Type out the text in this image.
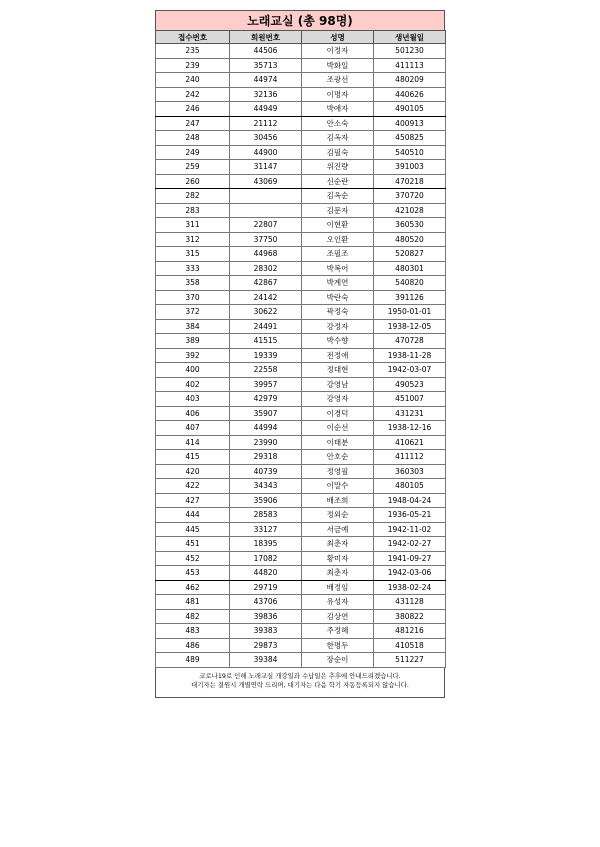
노래교실 (총 98명)
접수번호	회원번호	성명	생년월일
235	44506	이정자	501230
239	35713	박화일	411113
240	44974	조광선	480209
242	32136	이명자	440626
246	44949	박애자	490105
247	21112	안소숙	400913
248	30456	김옥자	450825
249	44900	김필숙	540510
259	31147	위진량	391003
260	43069	신순란	470218
282		김옥순	370720
283		김문자	421028
311	22807	이현환	360530
312	37750	오인환	480520
315	44968	조필조	520827
333	28302	박복어	480301
358	42867	박계연	540820
370	24142	박란숙	391126
372	30622	곽정숙	1950-01-01
384	24491	강정자	1938-12-05
389	41515	박수향	470728
392	19339	전정애	1938-11-28
400	22558	정대현	1942-03-07
402	39957	강영남	490523
403	42979	강영자	451007
406	35907	이경덕	431231
407	44994	이순선	1938-12-16
414	23990	이태분	410621
415	29318	안호순	411112
420	40739	정영필	360303
422	34343	이말수	480105
427	35906	배조희	1948-04-24
444	28583	정외순	1936-05-21
445	33127	서금예	1942-11-02
451	18395	최춘자	1942-02-27
452	17082	황미자	1941-09-27
453	44820	최춘자	1942-03-06
462	29719	배정임	1938-02-24
481	43706	유성자	431128
482	39836	김상연	380822
483	39383	주정혜	481216
486	29873	한명두	410518
489	39384	장순이	511227
코로나19로 인해 노래교실 개강일과 수납일은 추후에 안내드리겠습니다.
대기자는 결원시 개별연락 드리며, 대기자는 다음 학기 자동등록되지 않습니다.
